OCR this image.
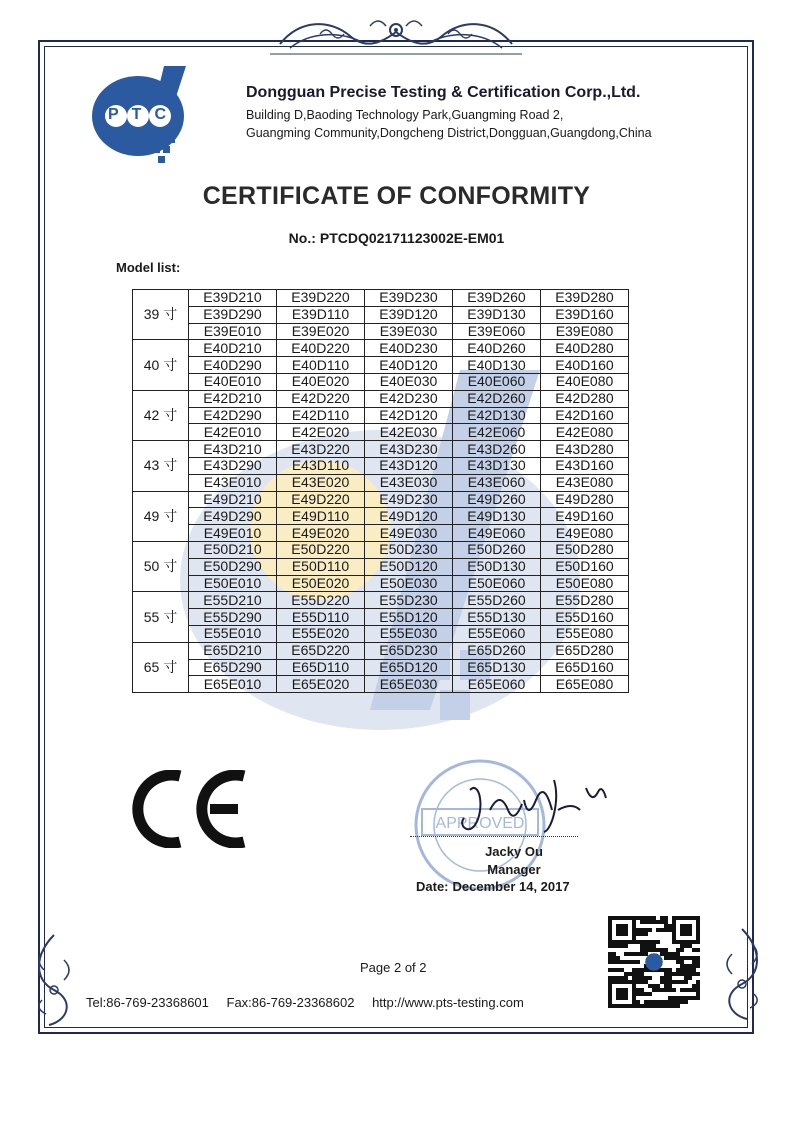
PTC
Dongguan Precise Testing & Certification Corp.,Ltd.
Building D,Baoding Technology Park,Guangming Road 2,
Guangming Community,Dongcheng District,Dongguan,Guangdong,China
CERTIFICATE OF CONFORMITY
No.: PTCDQ02171123002E-EM01
Model list:
39 寸	E39D210	E39D220	E39D230	E39D260	E39D280
	E39D290	E39D110	E39D120	E39D130	E39D160
	E39E010	E39E020	E39E030	E39E060	E39E080
40 寸	E40D210	E40D220	E40D230	E40D260	E40D280
	E40D290	E40D110	E40D120	E40D130	E40D160
	E40E010	E40E020	E40E030	E40E060	E40E080
42 寸	E42D210	E42D220	E42D230	E42D260	E42D280
	E42D290	E42D110	E42D120	E42D130	E42D160
	E42E010	E42E020	E42E030	E42E060	E42E080
43 寸	E43D210	E43D220	E43D230	E43D260	E43D280
	E43D290	E43D110	E43D120	E43D130	E43D160
	E43E010	E43E020	E43E030	E43E060	E43E080
49 寸	E49D210	E49D220	E49D230	E49D260	E49D280
	E49D290	E49D110	E49D120	E49D130	E49D160
	E49E010	E49E020	E49E030	E49E060	E49E080
50 寸	E50D210	E50D220	E50D230	E50D260	E50D280
	E50D290	E50D110	E50D120	E50D130	E50D160
	E50E010	E50E020	E50E030	E50E060	E50E080
55 寸	E55D210	E55D220	E55D230	E55D260	E55D280
	E55D290	E55D110	E55D120	E55D130	E55D160
	E55E010	E55E020	E55E030	E55E060	E55E080
65 寸	E65D210	E65D220	E65D230	E65D260	E65D280
	E65D290	E65D110	E65D120	E65D130	E65D160
	E65E010	E65E020	E65E030	E65E060	E65E080
APPROVED
Jacky Ou
Manager
Date: December 14, 2017
Page 2 of 2
Tel:86-769-23368601 Fax:86-769-23368602 http://www.pts-testing.com
